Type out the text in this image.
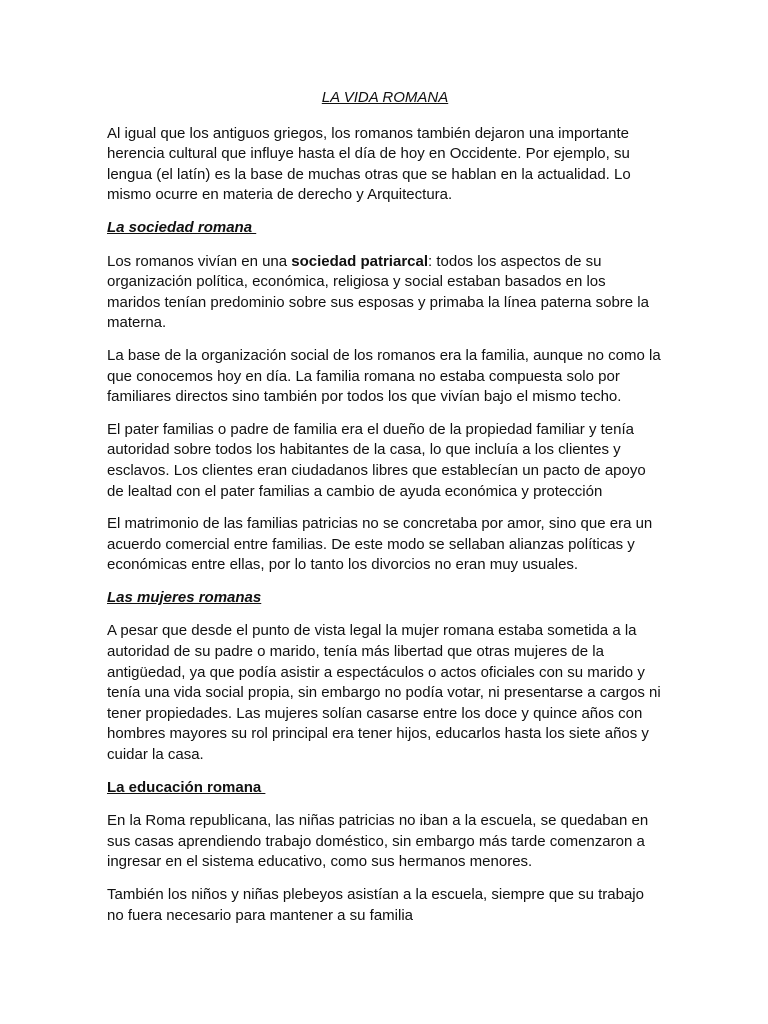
LA VIDA ROMANA

Al igual que los antiguos griegos, los romanos también dejaron una importante herencia cultural que influye hasta el día de hoy en Occidente. Por ejemplo, su lengua (el latín) es la base de muchas otras que se hablan en la actualidad. Lo mismo ocurre en materia de derecho y Arquitectura.

La sociedad romana

Los romanos vivían en una sociedad patriarcal: todos los aspectos de su organización política, económica, religiosa y social estaban basados en los maridos tenían predominio sobre sus esposas y primaba la línea paterna sobre la materna.

La base de la organización social de los romanos era la familia, aunque no como la que conocemos hoy en día. La familia romana no estaba compuesta solo por familiares directos sino también por todos los que vivían bajo el mismo techo.

El pater familias o padre de familia era el dueño de la propiedad familiar y tenía autoridad sobre todos los habitantes de la casa, lo que incluía a los clientes y esclavos. Los clientes eran ciudadanos libres que establecían un pacto de apoyo de lealtad con el pater familias a cambio de ayuda económica y protección

El matrimonio de las familias patricias no se concretaba por amor, sino que era un acuerdo comercial entre familias. De este modo se sellaban alianzas políticas y económicas entre ellas, por lo tanto los divorcios no eran muy usuales.

Las mujeres romanas

A pesar que desde el punto de vista legal la mujer romana estaba sometida a la autoridad de su padre o marido, tenía más libertad que otras mujeres de la antigüedad, ya que podía asistir a espectáculos o actos oficiales con su marido y tenía una vida social propia, sin embargo no podía votar, ni presentarse a cargos ni tener propiedades. Las mujeres solían casarse entre los doce y quince años con hombres mayores su rol principal era tener hijos, educarlos hasta los siete años y cuidar la casa.

La educación romana

En la Roma republicana, las niñas patricias no iban a la escuela, se quedaban en sus casas aprendiendo trabajo doméstico, sin embargo más tarde comenzaron a ingresar en el sistema educativo, como sus hermanos menores.

También los niños y niñas plebeyos asistían a la escuela, siempre que su trabajo no fuera necesario para mantener a su familia
